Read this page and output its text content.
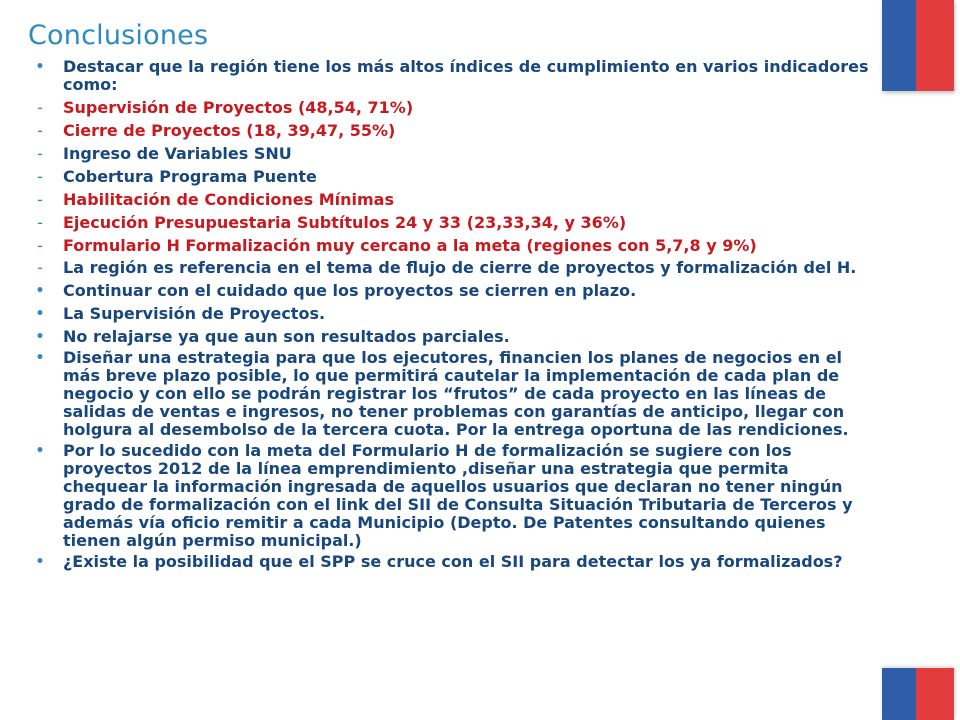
Conclusiones
•	Destacar que la región tiene los más altos índices de cumplimiento en varios indicadores como:
-	Supervisión de Proyectos (48,54, 71%)
-	Cierre de Proyectos (18, 39,47, 55%)
-	Ingreso de Variables SNU
-	Cobertura Programa Puente
-	Habilitación de Condiciones Mínimas
-	Ejecución Presupuestaria Subtítulos 24 y 33 (23,33,34, y 36%)
-	Formulario H Formalización muy cercano a la meta (regiones con 5,7,8 y 9%)
-	La región es referencia en el tema de flujo de cierre de proyectos y formalización del H.
•	Continuar con el cuidado que los proyectos se cierren en plazo.
•	La Supervisión de Proyectos.
•	No relajarse ya que aun son resultados parciales.
•	Diseñar una estrategia para que los ejecutores, financien los planes de negocios en el más breve plazo posible, lo que permitirá cautelar la implementación de cada plan de negocio y con ello se podrán registrar los “frutos” de cada proyecto en las líneas de salidas de ventas e ingresos, no tener problemas con garantías de anticipo, llegar con holgura al desembolso de la tercera cuota. Por la entrega oportuna de las rendiciones.
•	Por lo sucedido con la meta del Formulario H de formalización se sugiere con los proyectos 2012 de la línea emprendimiento ,diseñar una estrategia que permita chequear la información ingresada de aquellos usuarios que declaran no tener ningún grado de formalización con el link del SII de Consulta Situación Tributaria de Terceros y además vía oficio remitir a cada Municipio (Depto. De Patentes consultando quienes tienen algún permiso municipal.)
•	¿Existe la posibilidad que el SPP se cruce con el SII para detectar los ya formalizados?
